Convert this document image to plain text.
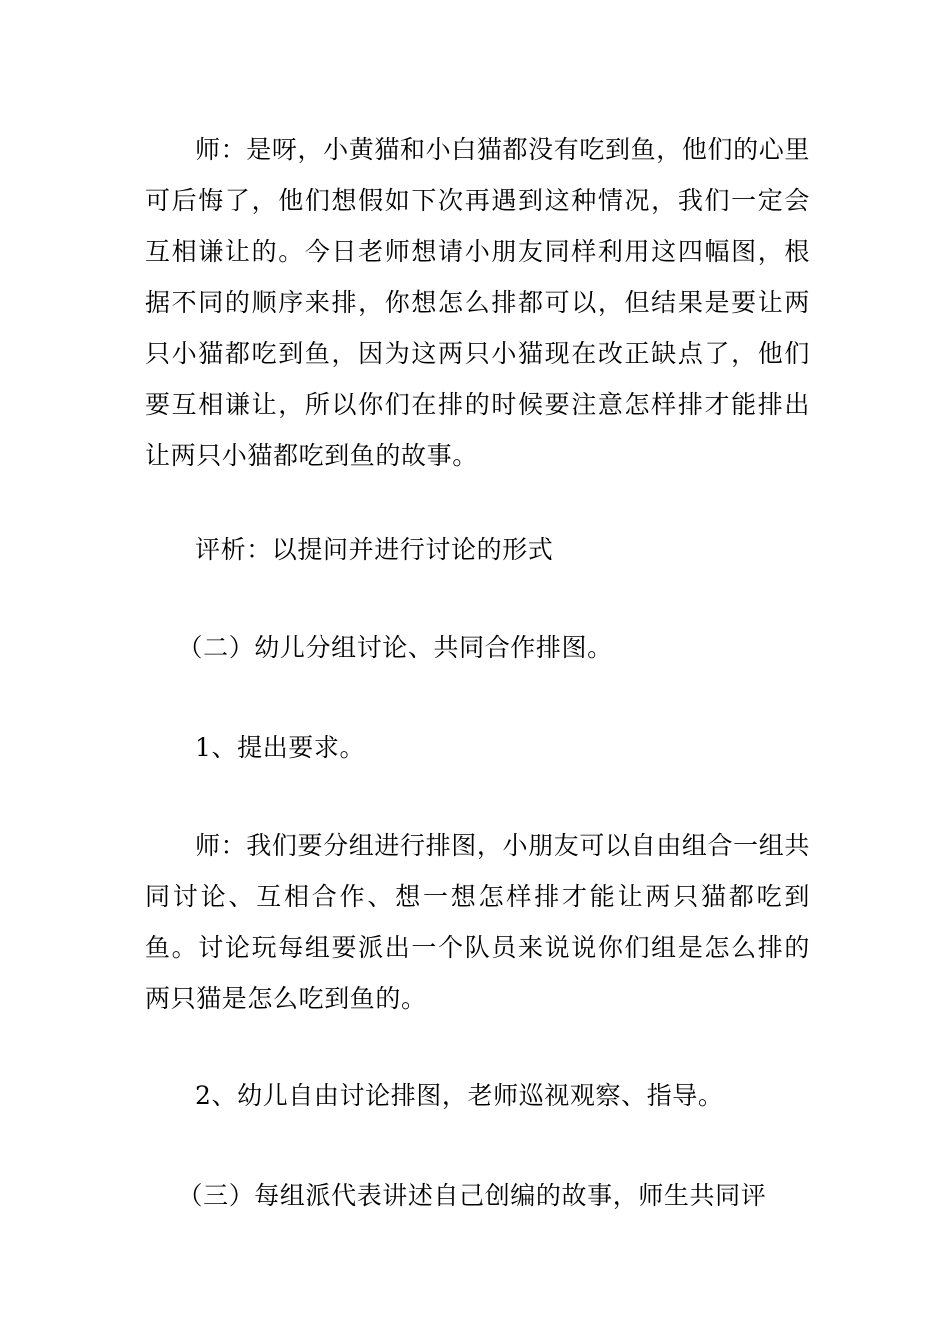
师：是呀，小黄猫和小白猫都没有吃到鱼，他们的心里可后悔了，他们想假如下次再遇到这种情况，我们一定会互相谦让的。今日老师想请小朋友同样利用这四幅图，根据不同的顺序来排，你想怎么排都可以，但结果是要让两只小猫都吃到鱼，因为这两只小猫现在改正缺点了，他们要互相谦让，所以你们在排的时候要注意怎样排才能排出让两只小猫都吃到鱼的故事。

评析：以提问并进行讨论的形式

（二）幼儿分组讨论、共同合作排图。

1、提出要求。

师：我们要分组进行排图，小朋友可以自由组合一组共同讨论、互相合作、想一想怎样排才能让两只猫都吃到鱼。讨论玩每组要派出一个队员来说说你们组是怎么排的两只猫是怎么吃到鱼的。

2、幼儿自由讨论排图，老师巡视观察、指导。

（三）每组派代表讲述自己创编的故事，师生共同评
